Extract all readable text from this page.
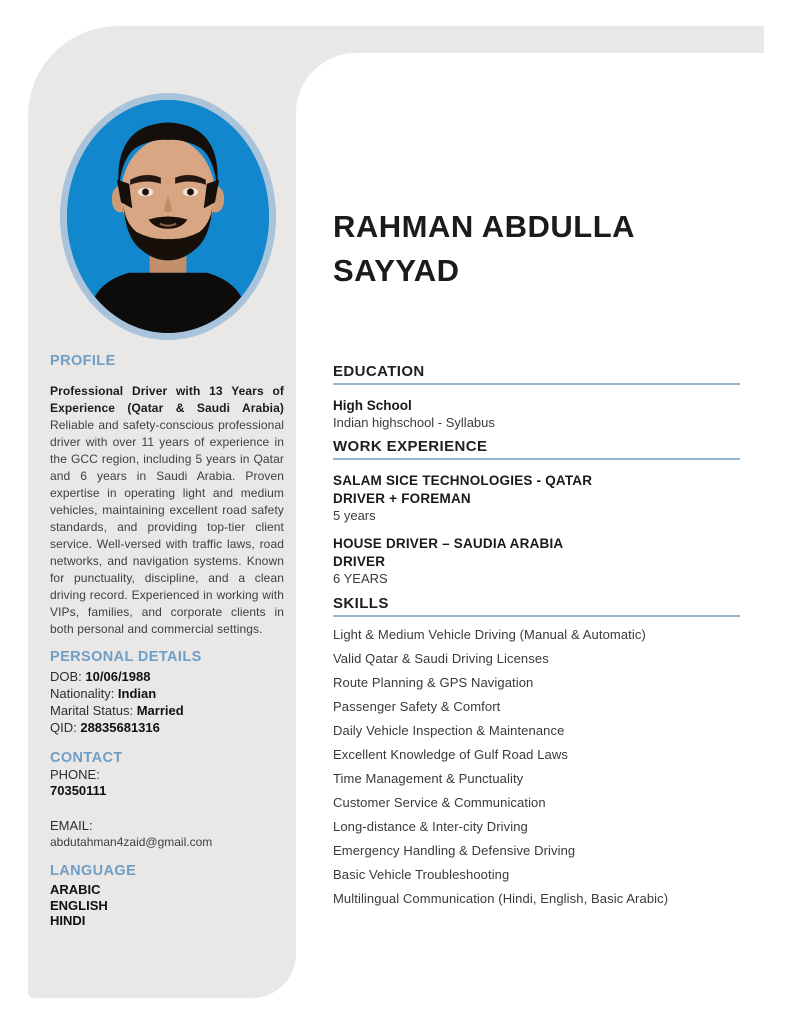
PROFILE

Professional Driver with 13 Years of Experience (Qatar & Saudi Arabia) Reliable and safety-conscious professional driver with over 11 years of experience in the GCC region, including 5 years in Qatar and 6 years in Saudi Arabia. Proven expertise in operating light and medium vehicles, maintaining excellent road safety standards, and providing top-tier client service. Well-versed with traffic laws, road networks, and navigation systems. Known for punctuality, discipline, and a clean driving record. Experienced in working with VIPs, families, and corporate clients in both personal and commercial settings.

PERSONAL DETAILS
DOB: 10/06/1988
Nationality: Indian
Marital Status: Married
QID: 28835681316
CONTACT
PHONE:
70350111
EMAIL:
abdutahman4zaid@gmail.com
LANGUAGE
ARABIC
ENGLISH
HINDI
RAHMAN ABDULLA SAYYAD
EDUCATION
High School
Indian highschool - Syllabus
WORK EXPERIENCE
SALAM SICE TECHNOLOGIES - QATAR
DRIVER + FOREMAN
5 years
HOUSE DRIVER – SAUDIA ARABIA
DRIVER
6 YEARS
SKILLS
Light & Medium Vehicle Driving (Manual & Automatic)
Valid Qatar & Saudi Driving Licenses
Route Planning & GPS Navigation
Passenger Safety & Comfort
Daily Vehicle Inspection & Maintenance
Excellent Knowledge of Gulf Road Laws
Time Management & Punctuality
Customer Service & Communication
Long-distance & Inter-city Driving
Emergency Handling & Defensive Driving
Basic Vehicle Troubleshooting
Multilingual Communication (Hindi, English, Basic Arabic)
